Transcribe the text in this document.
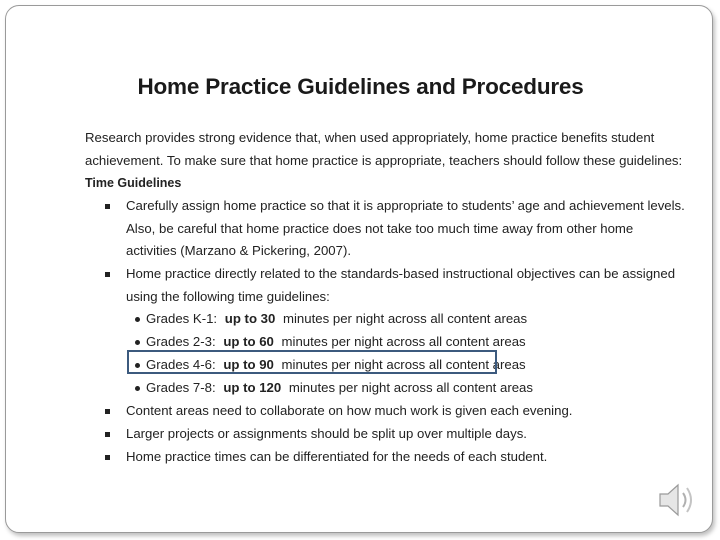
Home Practice Guidelines and Procedures
Research provides strong evidence that, when used appropriately, home practice benefits student
achievement. To make sure that home practice is appropriate, teachers should follow these guidelines:
Time Guidelines
Carefully assign home practice so that it is appropriate to students’ age and achievement levels.
Also, be careful that home practice does not take too much time away from other home
activities (Marzano & Pickering, 2007).
Home practice directly related to the standards-based instructional objectives can be assigned
using the following time guidelines:
Grades K-1: up to 30 minutes per night across all content areas
Grades 2-3: up to 60 minutes per night across all content areas
Grades 4-6: up to 90 minutes per night across all content areas
Grades 7-8: up to 120 minutes per night across all content areas
Content areas need to collaborate on how much work is given each evening.
Larger projects or assignments should be split up over multiple days.
Home practice times can be differentiated for the needs of each student.
